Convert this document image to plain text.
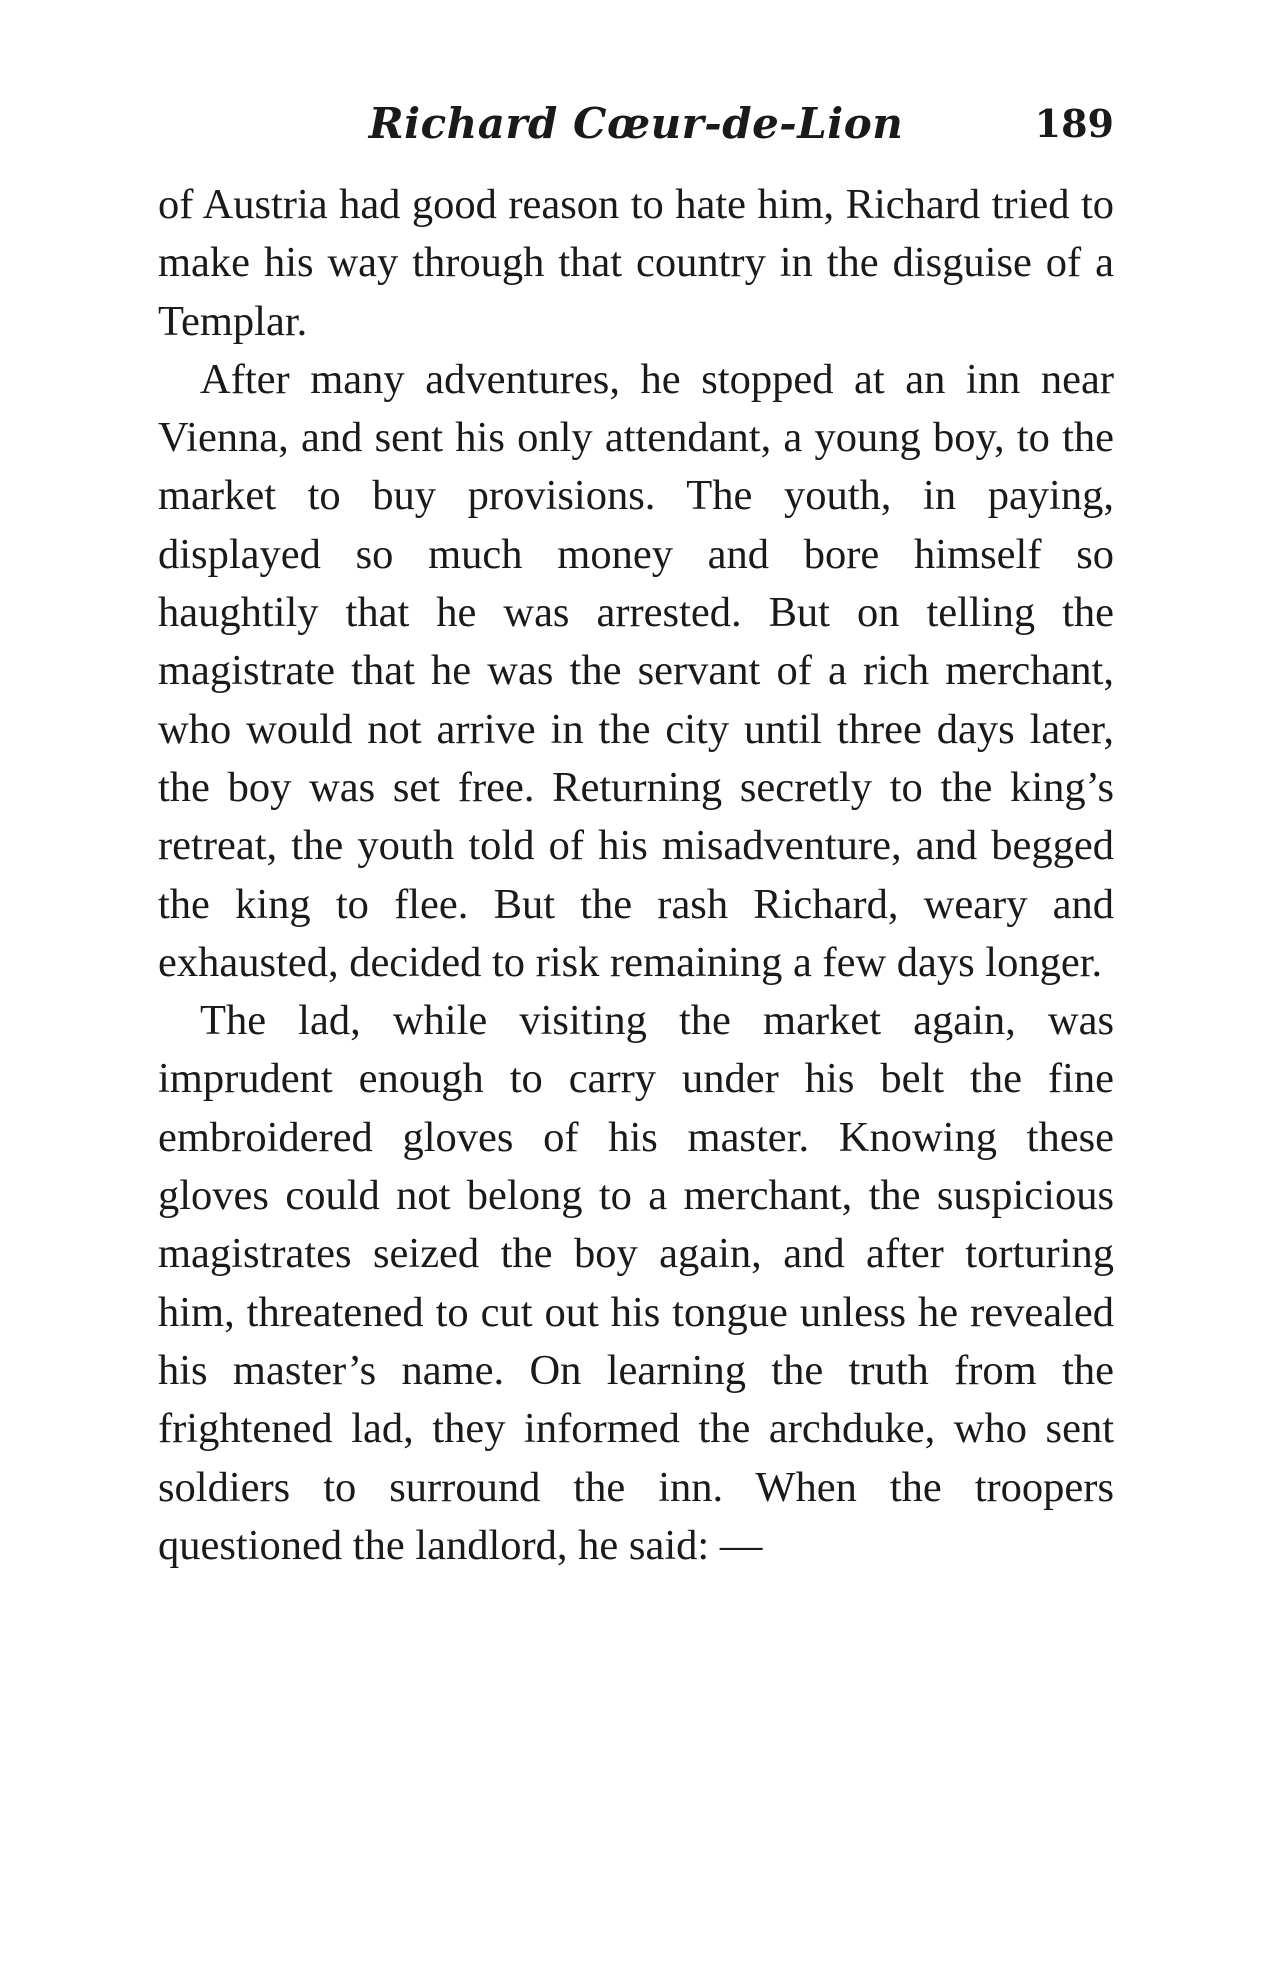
Richard Cœur-de-Lion	189

of Austria had good reason to hate him, Richard tried to make his way through that country in the disguise of a Templar.

After many adventures, he stopped at an inn near Vienna, and sent his only attendant, a young boy, to the market to buy provisions. The youth, in paying, displayed so much money and bore himself so haughtily that he was arrested. But on telling the magistrate that he was the servant of a rich merchant, who would not arrive in the city until three days later, the boy was set free. Returning secretly to the king’s retreat, the youth told of his misadventure, and begged the king to flee. But the rash Richard, weary and exhausted, decided to risk remaining a few days longer.

The lad, while visiting the market again, was imprudent enough to carry under his belt the fine embroidered gloves of his master. Knowing these gloves could not belong to a merchant, the suspicious magistrates seized the boy again, and after torturing him, threatened to cut out his tongue unless he revealed his master’s name. On learning the truth from the frightened lad, they informed the archduke, who sent soldiers to surround the inn. When the troopers questioned the landlord, he said: —
